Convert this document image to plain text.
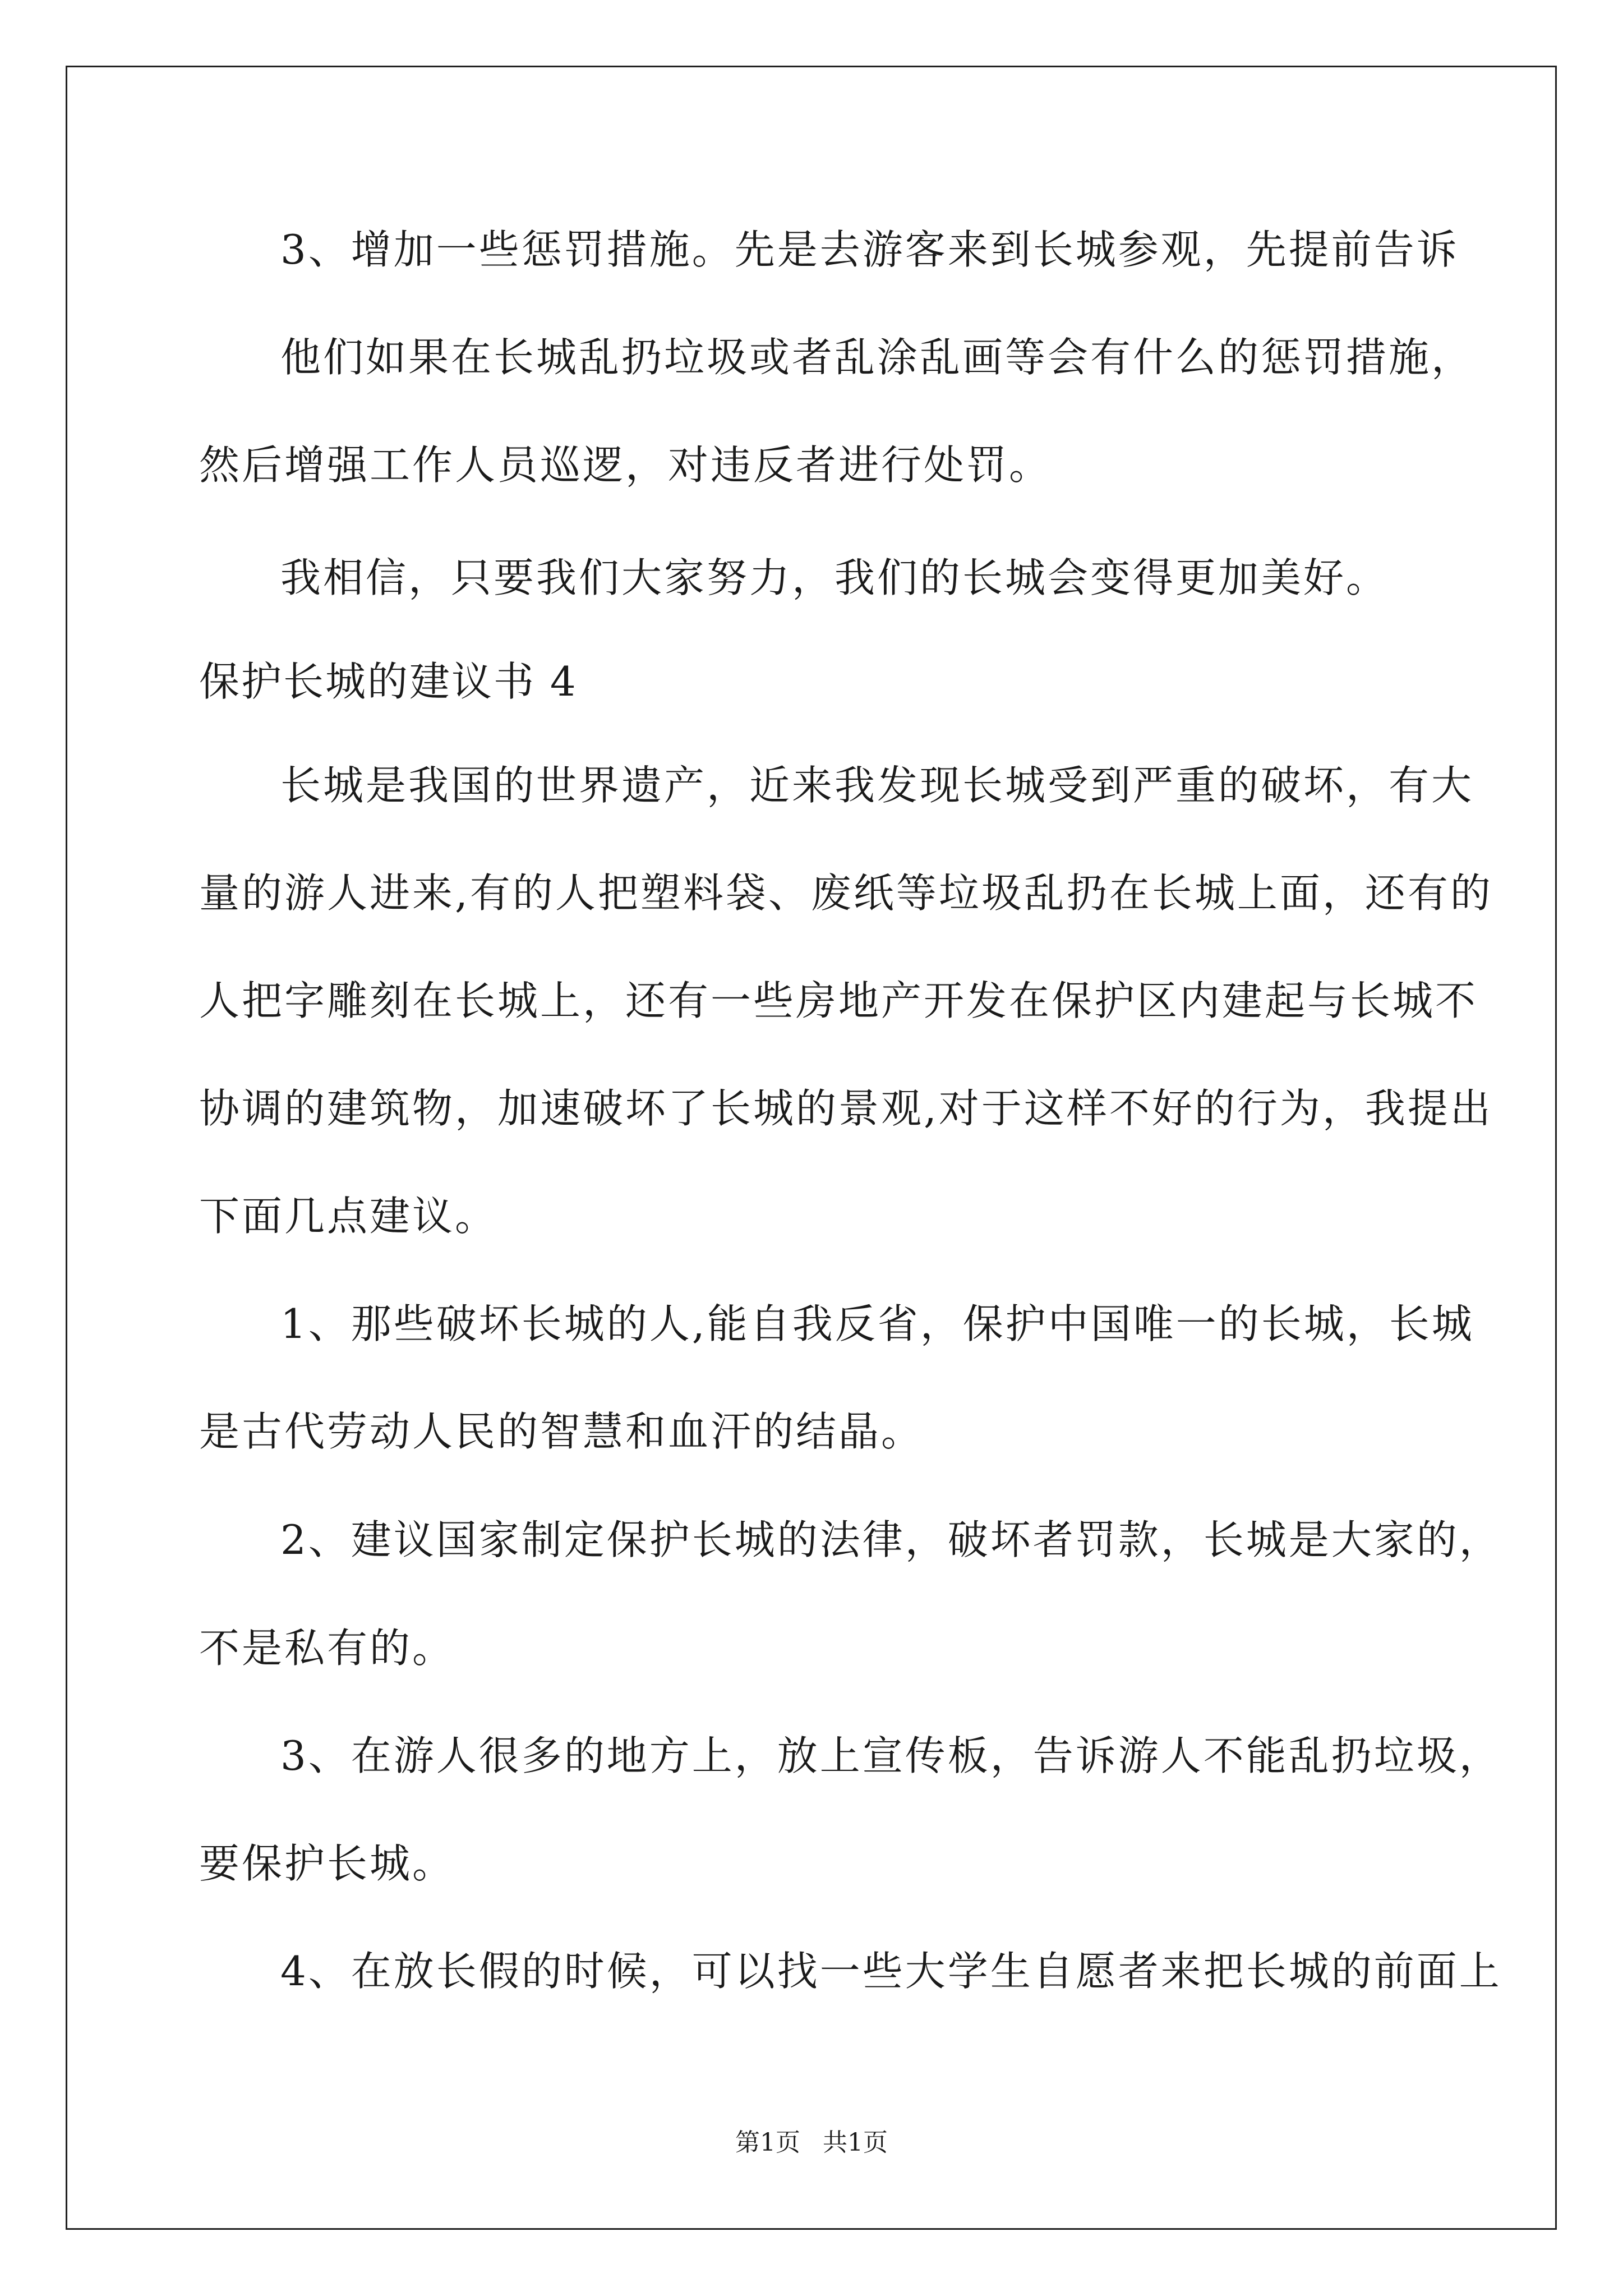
3、增加一些惩罚措施。先是去游客来到长城参观，先提前告诉
他们如果在长城乱扔垃圾或者乱涂乱画等会有什么的惩罚措施，
然后增强工作人员巡逻，对违反者进行处罚。
我相信，只要我们大家努力，我们的长城会变得更加美好。
保护长城的建议书 4
长城是我国的世界遗产，近来我发现长城受到严重的破坏，有大
量的游人进来,有的人把塑料袋、废纸等垃圾乱扔在长城上面，还有的
人把字雕刻在长城上，还有一些房地产开发在保护区内建起与长城不
协调的建筑物，加速破坏了长城的景观,对于这样不好的行为，我提出
下面几点建议。
1、那些破坏长城的人,能自我反省，保护中国唯一的长城，长城
是古代劳动人民的智慧和血汗的结晶。
2、建议国家制定保护长城的法律，破坏者罚款，长城是大家的，
不是私有的。
3、在游人很多的地方上，放上宣传板，告诉游人不能乱扔垃圾，
要保护长城。
4、在放长假的时候，可以找一些大学生自愿者来把长城的前面上
第1页 共1页
